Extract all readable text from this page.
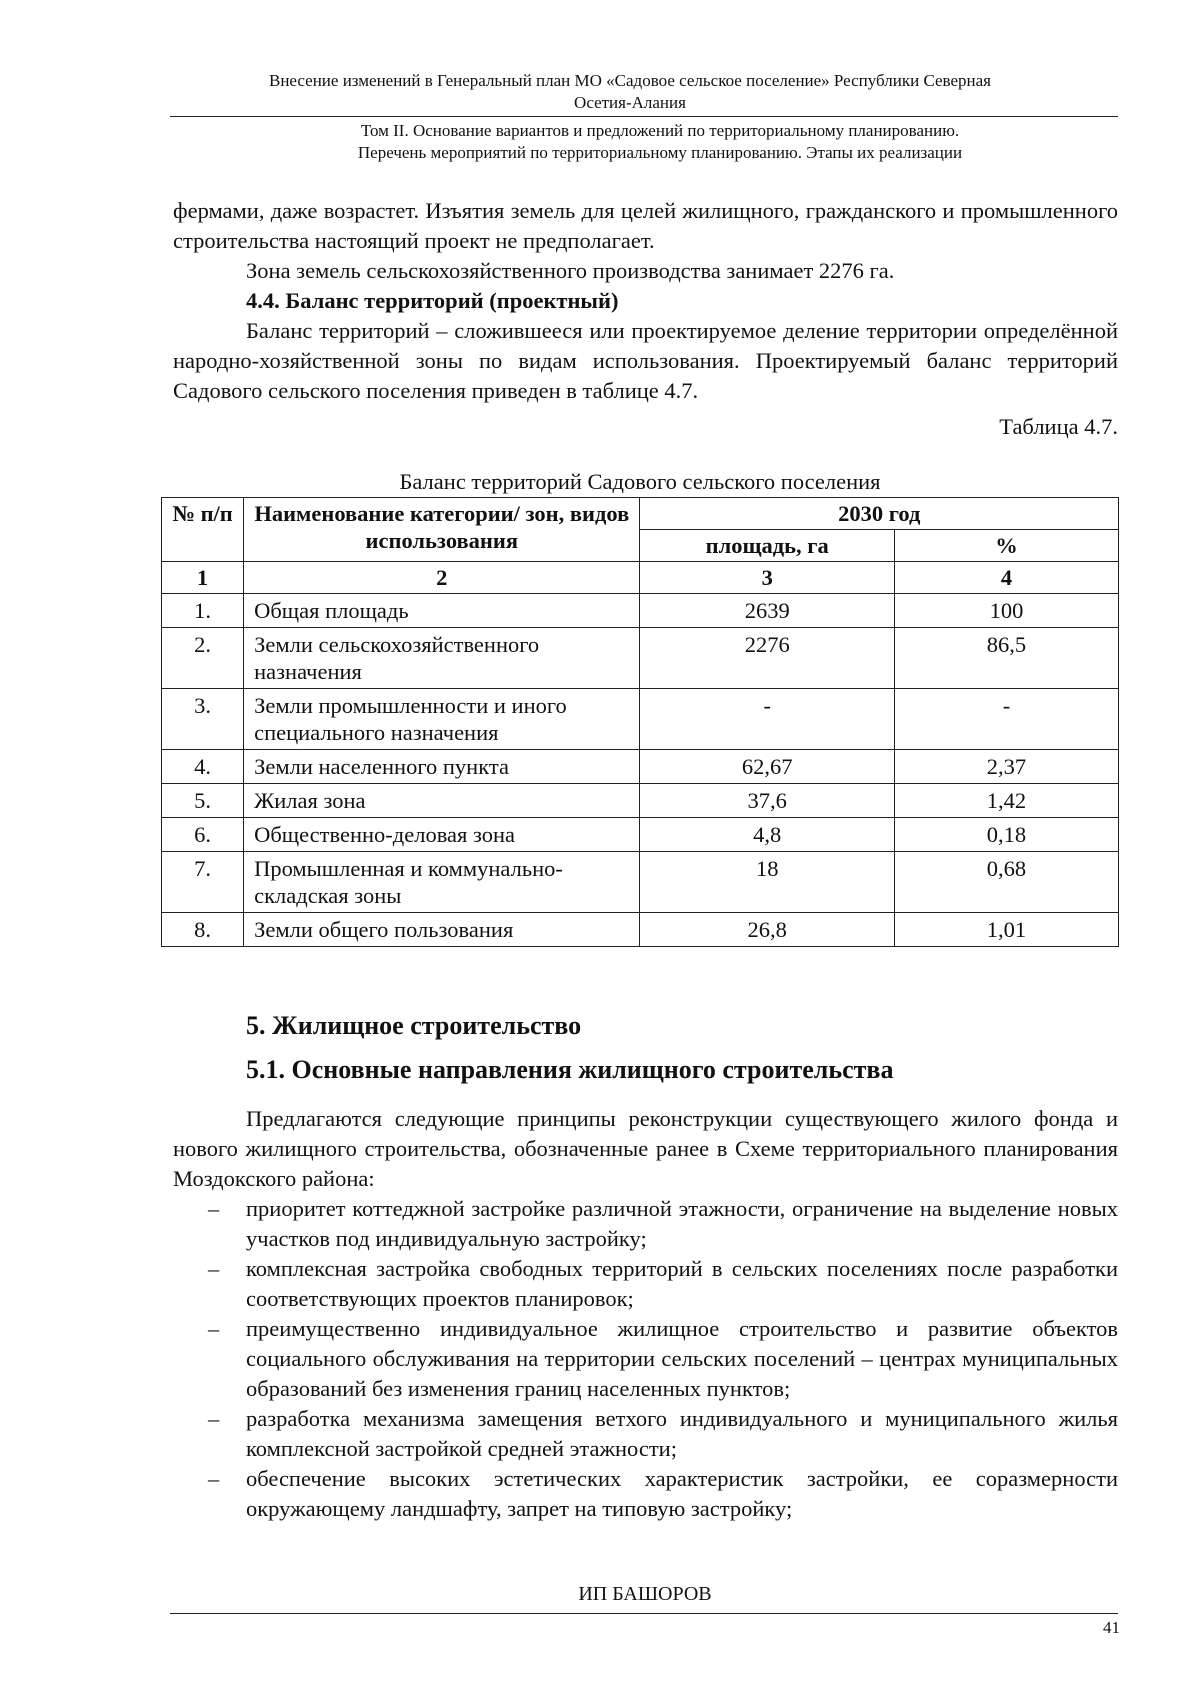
Внесение изменений в Генеральный план МО «Садовое сельское поселение» Республики Северная
Осетия-Алания
Том II. Основание вариантов и предложений по территориальному планированию.
Перечень мероприятий по территориальному планированию. Этапы их реализации

фермами, даже возрастет. Изъятия земель для целей жилищного, гражданского и промышленного строительства настоящий проект не предполагает.

Зона земель сельскохозяйственного производства занимает 2276 га.

4.4. Баланс территорий (проектный)

Баланс территорий – сложившееся или проектируемое деление территории определённой народно-хозяйственной зоны по видам использования. Проектируемый баланс территорий Садового сельского поселения приведен в таблице 4.7.

Таблица 4.7.

Баланс территорий Садового сельского поселения
№ п/п	Наименование категории/ зон, видов использования	2030 год	
		площадь, га	%
1	2	3	4
1.	Общая площадь	2639	100
2.	Земли сельскохозяйственного назначения	2276	86,5
3.	Земли промышленности и иного специального назначения	-	-
4.	Земли населенного пункта	62,67	2,37
5.	Жилая зона	37,6	1,42
6.	Общественно-деловая зона	4,8	0,18
7.	Промышленная и коммунально-складская зоны	18	0,68
8.	Земли общего пользования	26,8	1,01
5. Жилищное строительство
5.1. Основные направления жилищного строительства

Предлагаются следующие принципы реконструкции существующего жилого фонда и нового жилищного строительства, обозначенные ранее в Схеме территориального планирования Моздокского района:

– приоритет коттеджной застройке различной этажности, ограничение на выделение новых участков под индивидуальную застройку;
– комплексная застройка свободных территорий в сельских поселениях после разработки соответствующих проектов планировок;
– преимущественно индивидуальное жилищное строительство и развитие объектов социального обслуживания на территории сельских поселений – центрах муниципальных образований без изменения границ населенных пунктов;
– разработка механизма замещения ветхого индивидуального и муниципального жилья комплексной застройкой средней этажности;
– обеспечение высоких эстетических характеристик застройки, ее соразмерности окружающему ландшафту, запрет на типовую застройку;
ИП БАШОРОВ
41
